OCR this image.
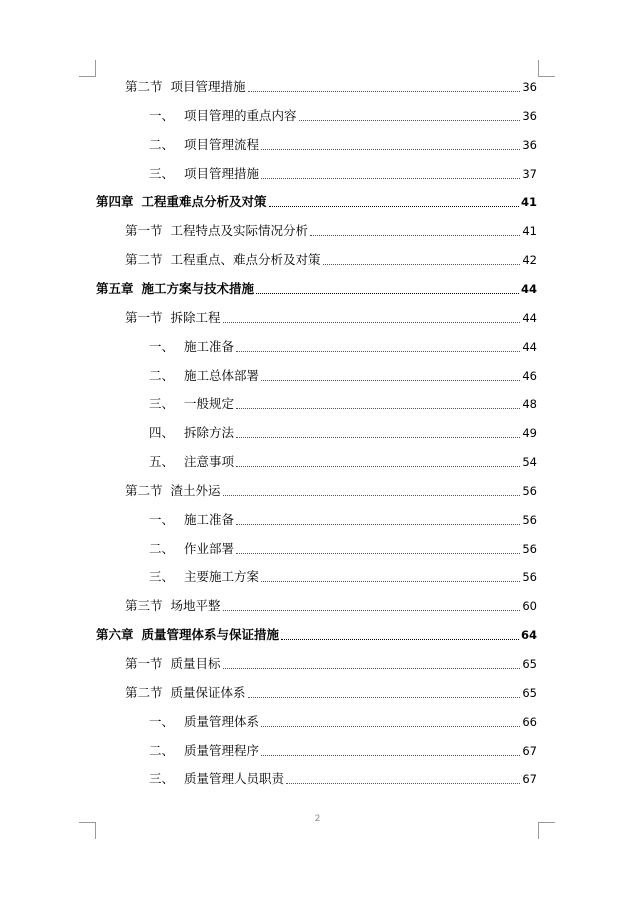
第二节 项目管理措施	36
一、 项目管理的重点内容	36
二、 项目管理流程	36
三、 项目管理措施	37
第四章 工程重难点分析及对策	41
第一节 工程特点及实际情况分析	41
第二节 工程重点、难点分析及对策	42
第五章 施工方案与技术措施	44
第一节 拆除工程	44
一、 施工准备	44
二、 施工总体部署	46
三、 一般规定	48
四、 拆除方法	49
五、 注意事项	54
第二节 渣土外运	56
一、 施工准备	56
二、 作业部署	56
三、 主要施工方案	56
第三节 场地平整	60
第六章 质量管理体系与保证措施	64
第一节 质量目标	65
第二节 质量保证体系	65
一、 质量管理体系	66
二、 质量管理程序	67
三、 质量管理人员职责	67
2
